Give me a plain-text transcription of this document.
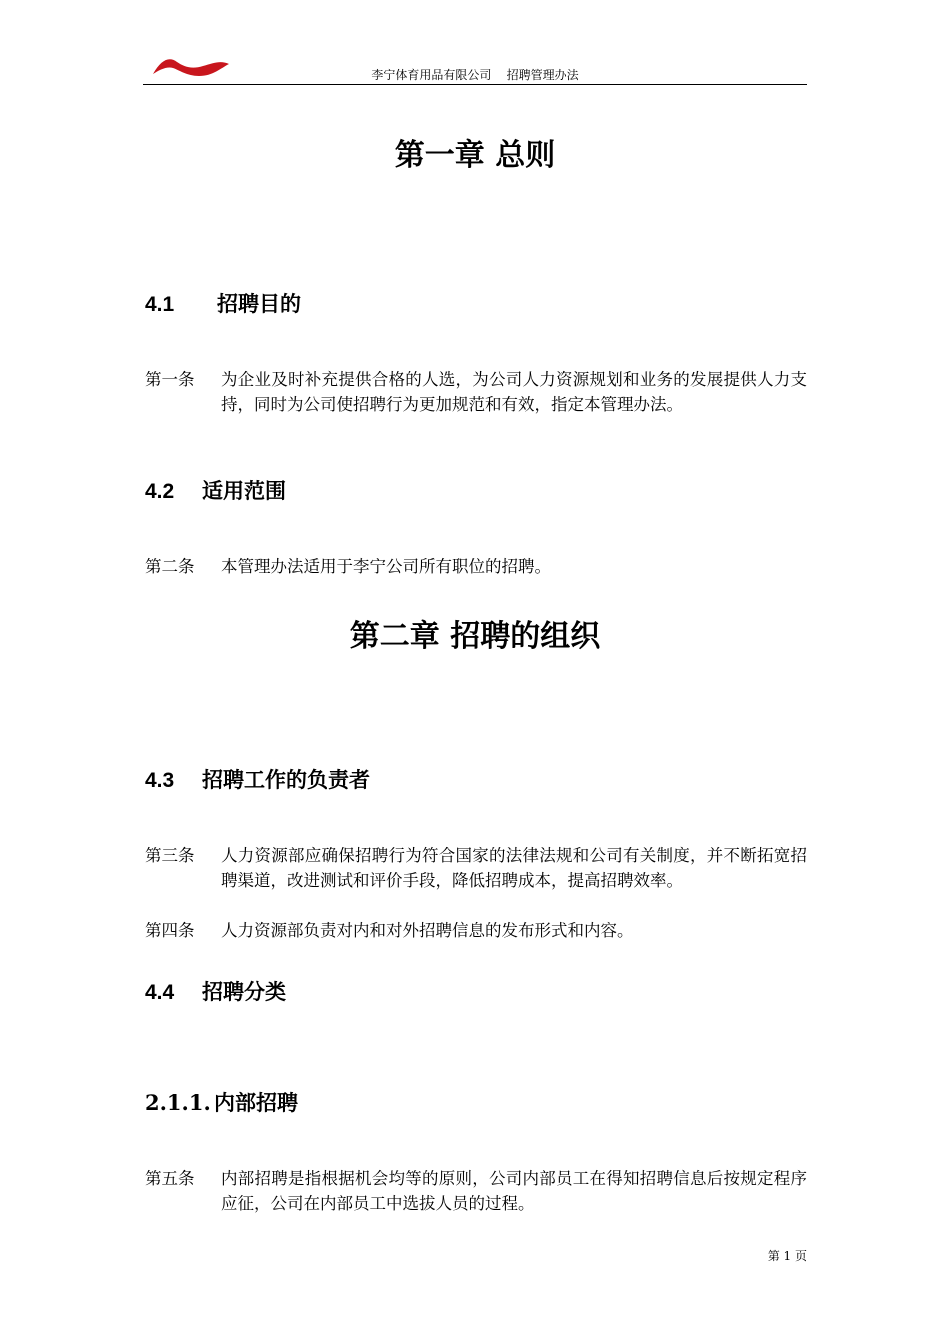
李宁体育用品有限公司 招聘管理办法
第一章 总则
4.1 招聘目的
第一条	为企业及时补充提供合格的人选，为公司人力资源规划和业务的发展提供人力支持，同时为公司使招聘行为更加规范和有效，指定本管理办法。
4.2 适用范围
第二条	本管理办法适用于李宁公司所有职位的招聘。
第二章 招聘的组织
4.3 招聘工作的负责者
第三条	人力资源部应确保招聘行为符合国家的法律法规和公司有关制度，并不断拓宽招聘渠道，改进测试和评价手段，降低招聘成本，提高招聘效率。
第四条	人力资源部负责对内和对外招聘信息的发布形式和内容。
4.4 招聘分类
2.1.1. 内部招聘
第五条	内部招聘是指根据机会均等的原则，公司内部员工在得知招聘信息后按规定程序应征，公司在内部员工中选拔人员的过程。
第 1 页
